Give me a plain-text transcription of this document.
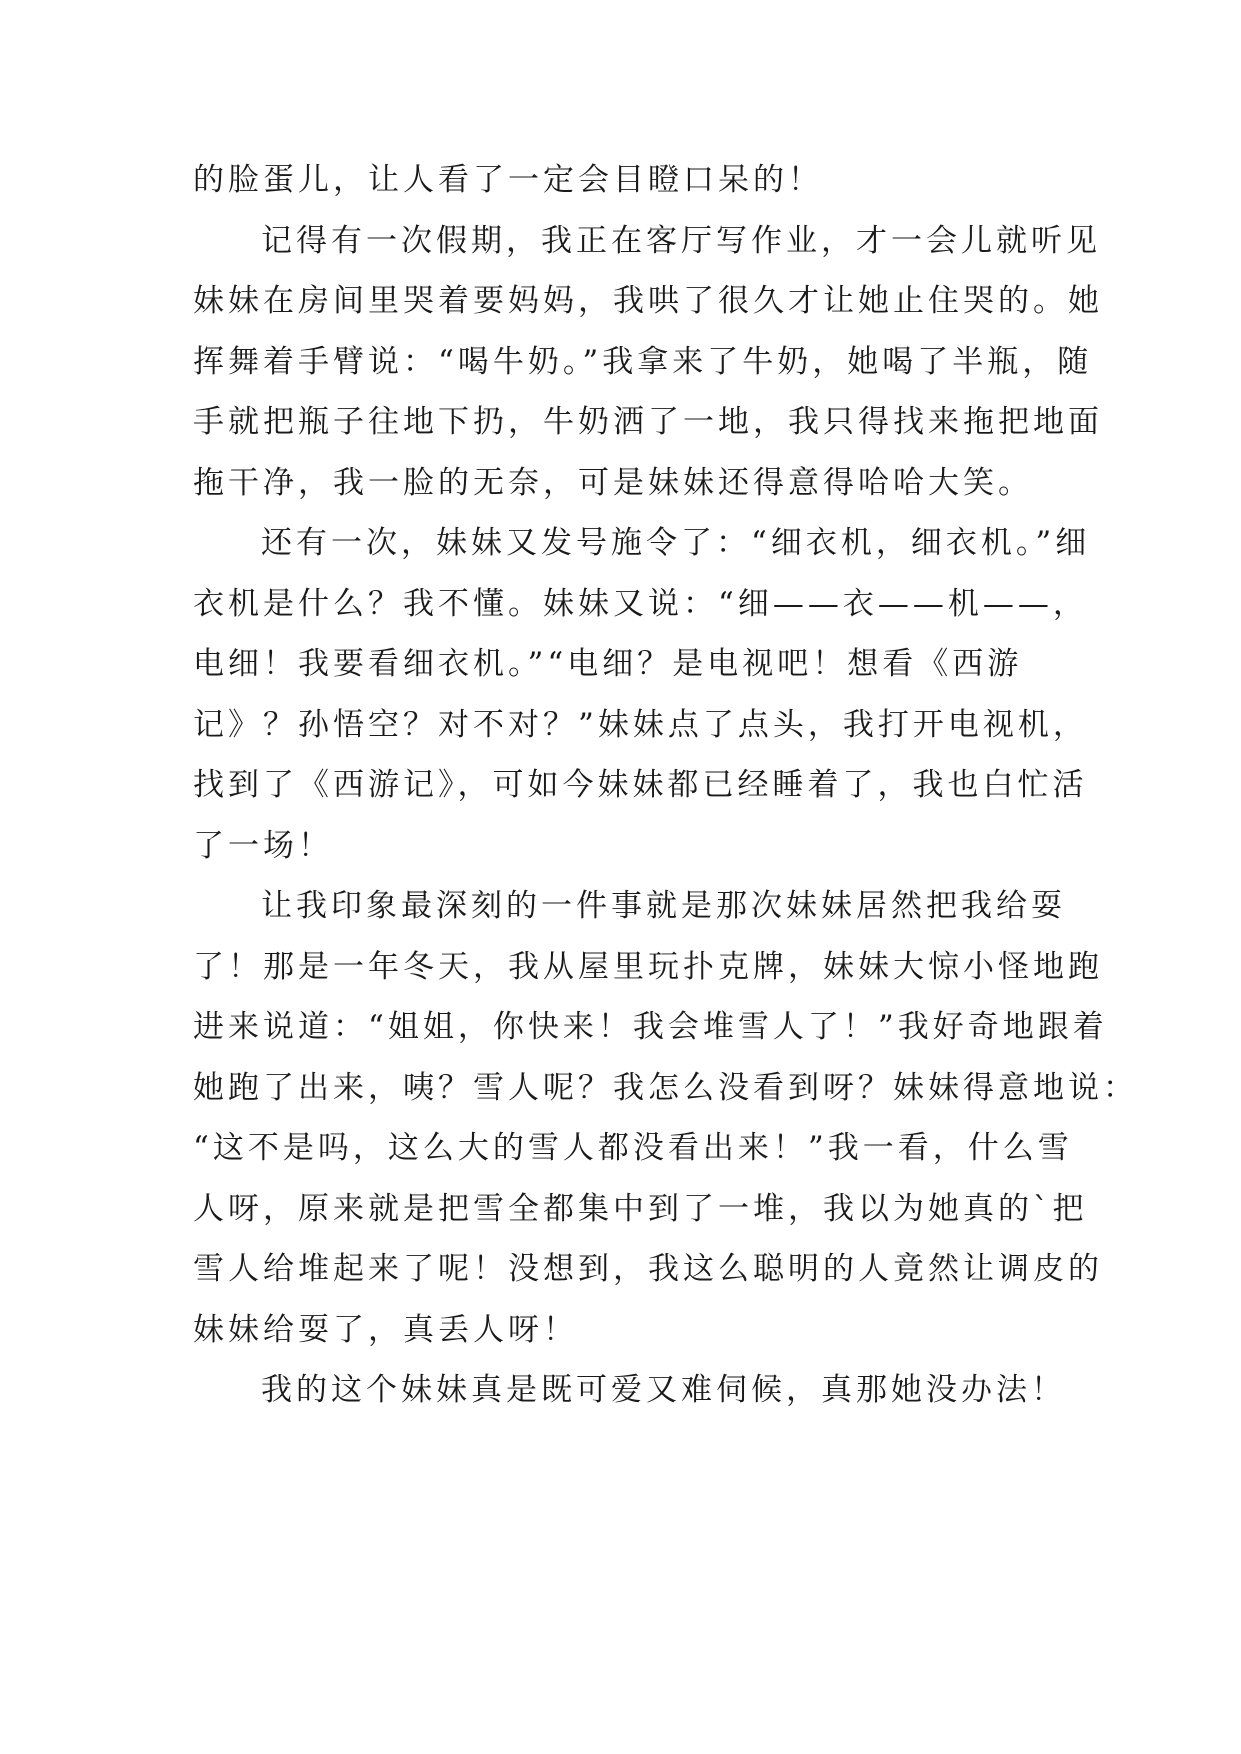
的脸蛋儿，让人看了一定会目瞪口呆的！

记得有一次假期，我正在客厅写作业，才一会儿就听见

妹妹在房间里哭着要妈妈，我哄了很久才让她止住哭的。她

挥舞着手臂说：“喝牛奶。”我拿来了牛奶，她喝了半瓶，随

手就把瓶子往地下扔，牛奶洒了一地，我只得找来拖把地面

拖干净，我一脸的无奈，可是妹妹还得意得哈哈大笑。

还有一次，妹妹又发号施令了：“细衣机，细衣机。”细

衣机是什么？我不懂。妹妹又说：“细——衣——机——，

电细！我要看细衣机。”“电细？是电视吧！想看《西游

记》？孙悟空？对不对？”妹妹点了点头，我打开电视机，

找到了《西游记》，可如今妹妹都已经睡着了，我也白忙活

了一场！

让我印象最深刻的一件事就是那次妹妹居然把我给耍

了！那是一年冬天，我从屋里玩扑克牌，妹妹大惊小怪地跑

进来说道：“姐姐，你快来！我会堆雪人了！”我好奇地跟着

她跑了出来，咦？雪人呢？我怎么没看到呀？妹妹得意地说：

“这不是吗，这么大的雪人都没看出来！”我一看，什么雪

人呀，原来就是把雪全都集中到了一堆，我以为她真的`把

雪人给堆起来了呢！没想到，我这么聪明的人竟然让调皮的

妹妹给耍了，真丢人呀！

我的这个妹妹真是既可爱又难伺候，真那她没办法！
